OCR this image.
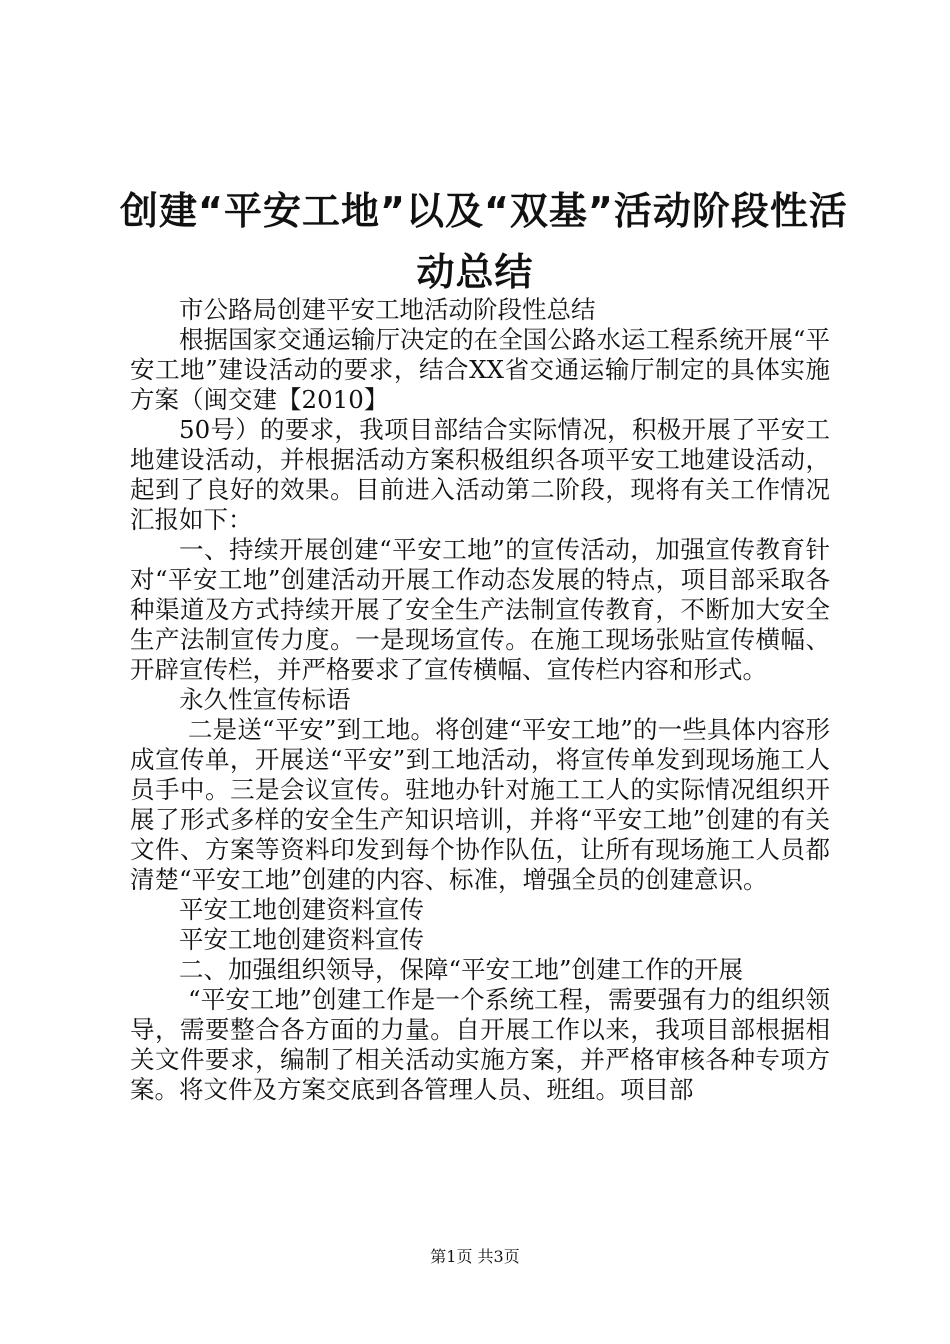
创建“平安工地”以及“双基”活动阶段性活
动总结

市公路局创建平安工地活动阶段性总结

根据国家交通运输厅决定的在全国公路水运工程系统开展“平安工地”建设活动的要求，结合XX省交通运输厅制定的具体实施方案（闽交建【2010】

50号）的要求，我项目部结合实际情况，积极开展了平安工地建设活动，并根据活动方案积极组织各项平安工地建设活动，起到了良好的效果。目前进入活动第二阶段，现将有关工作情况汇报如下：

一、持续开展创建“平安工地”的宣传活动，加强宣传教育针对“平安工地”创建活动开展工作动态发展的特点，项目部采取各种渠道及方式持续开展了安全生产法制宣传教育，不断加大安全生产法制宣传力度。一是现场宣传。在施工现场张贴宣传横幅、开辟宣传栏，并严格要求了宣传横幅、宣传栏内容和形式。

永久性宣传标语

二是送“平安”到工地。将创建“平安工地”的一些具体内容形成宣传单，开展送“平安”到工地活动，将宣传单发到现场施工人员手中。三是会议宣传。驻地办针对施工工人的实际情况组织开展了形式多样的安全生产知识培训，并将“平安工地”创建的有关文件、方案等资料印发到每个协作队伍，让所有现场施工人员都清楚“平安工地”创建的内容、标准，增强全员的创建意识。

平安工地创建资料宣传

平安工地创建资料宣传

二、加强组织领导，保障“平安工地”创建工作的开展

“平安工地”创建工作是一个系统工程，需要强有力的组织领导，需要整合各方面的力量。自开展工作以来，我项目部根据相关文件要求，编制了相关活动实施方案，并严格审核各种专项方案。将文件及方案交底到各管理人员、班组。项目部

第1页 共3页
